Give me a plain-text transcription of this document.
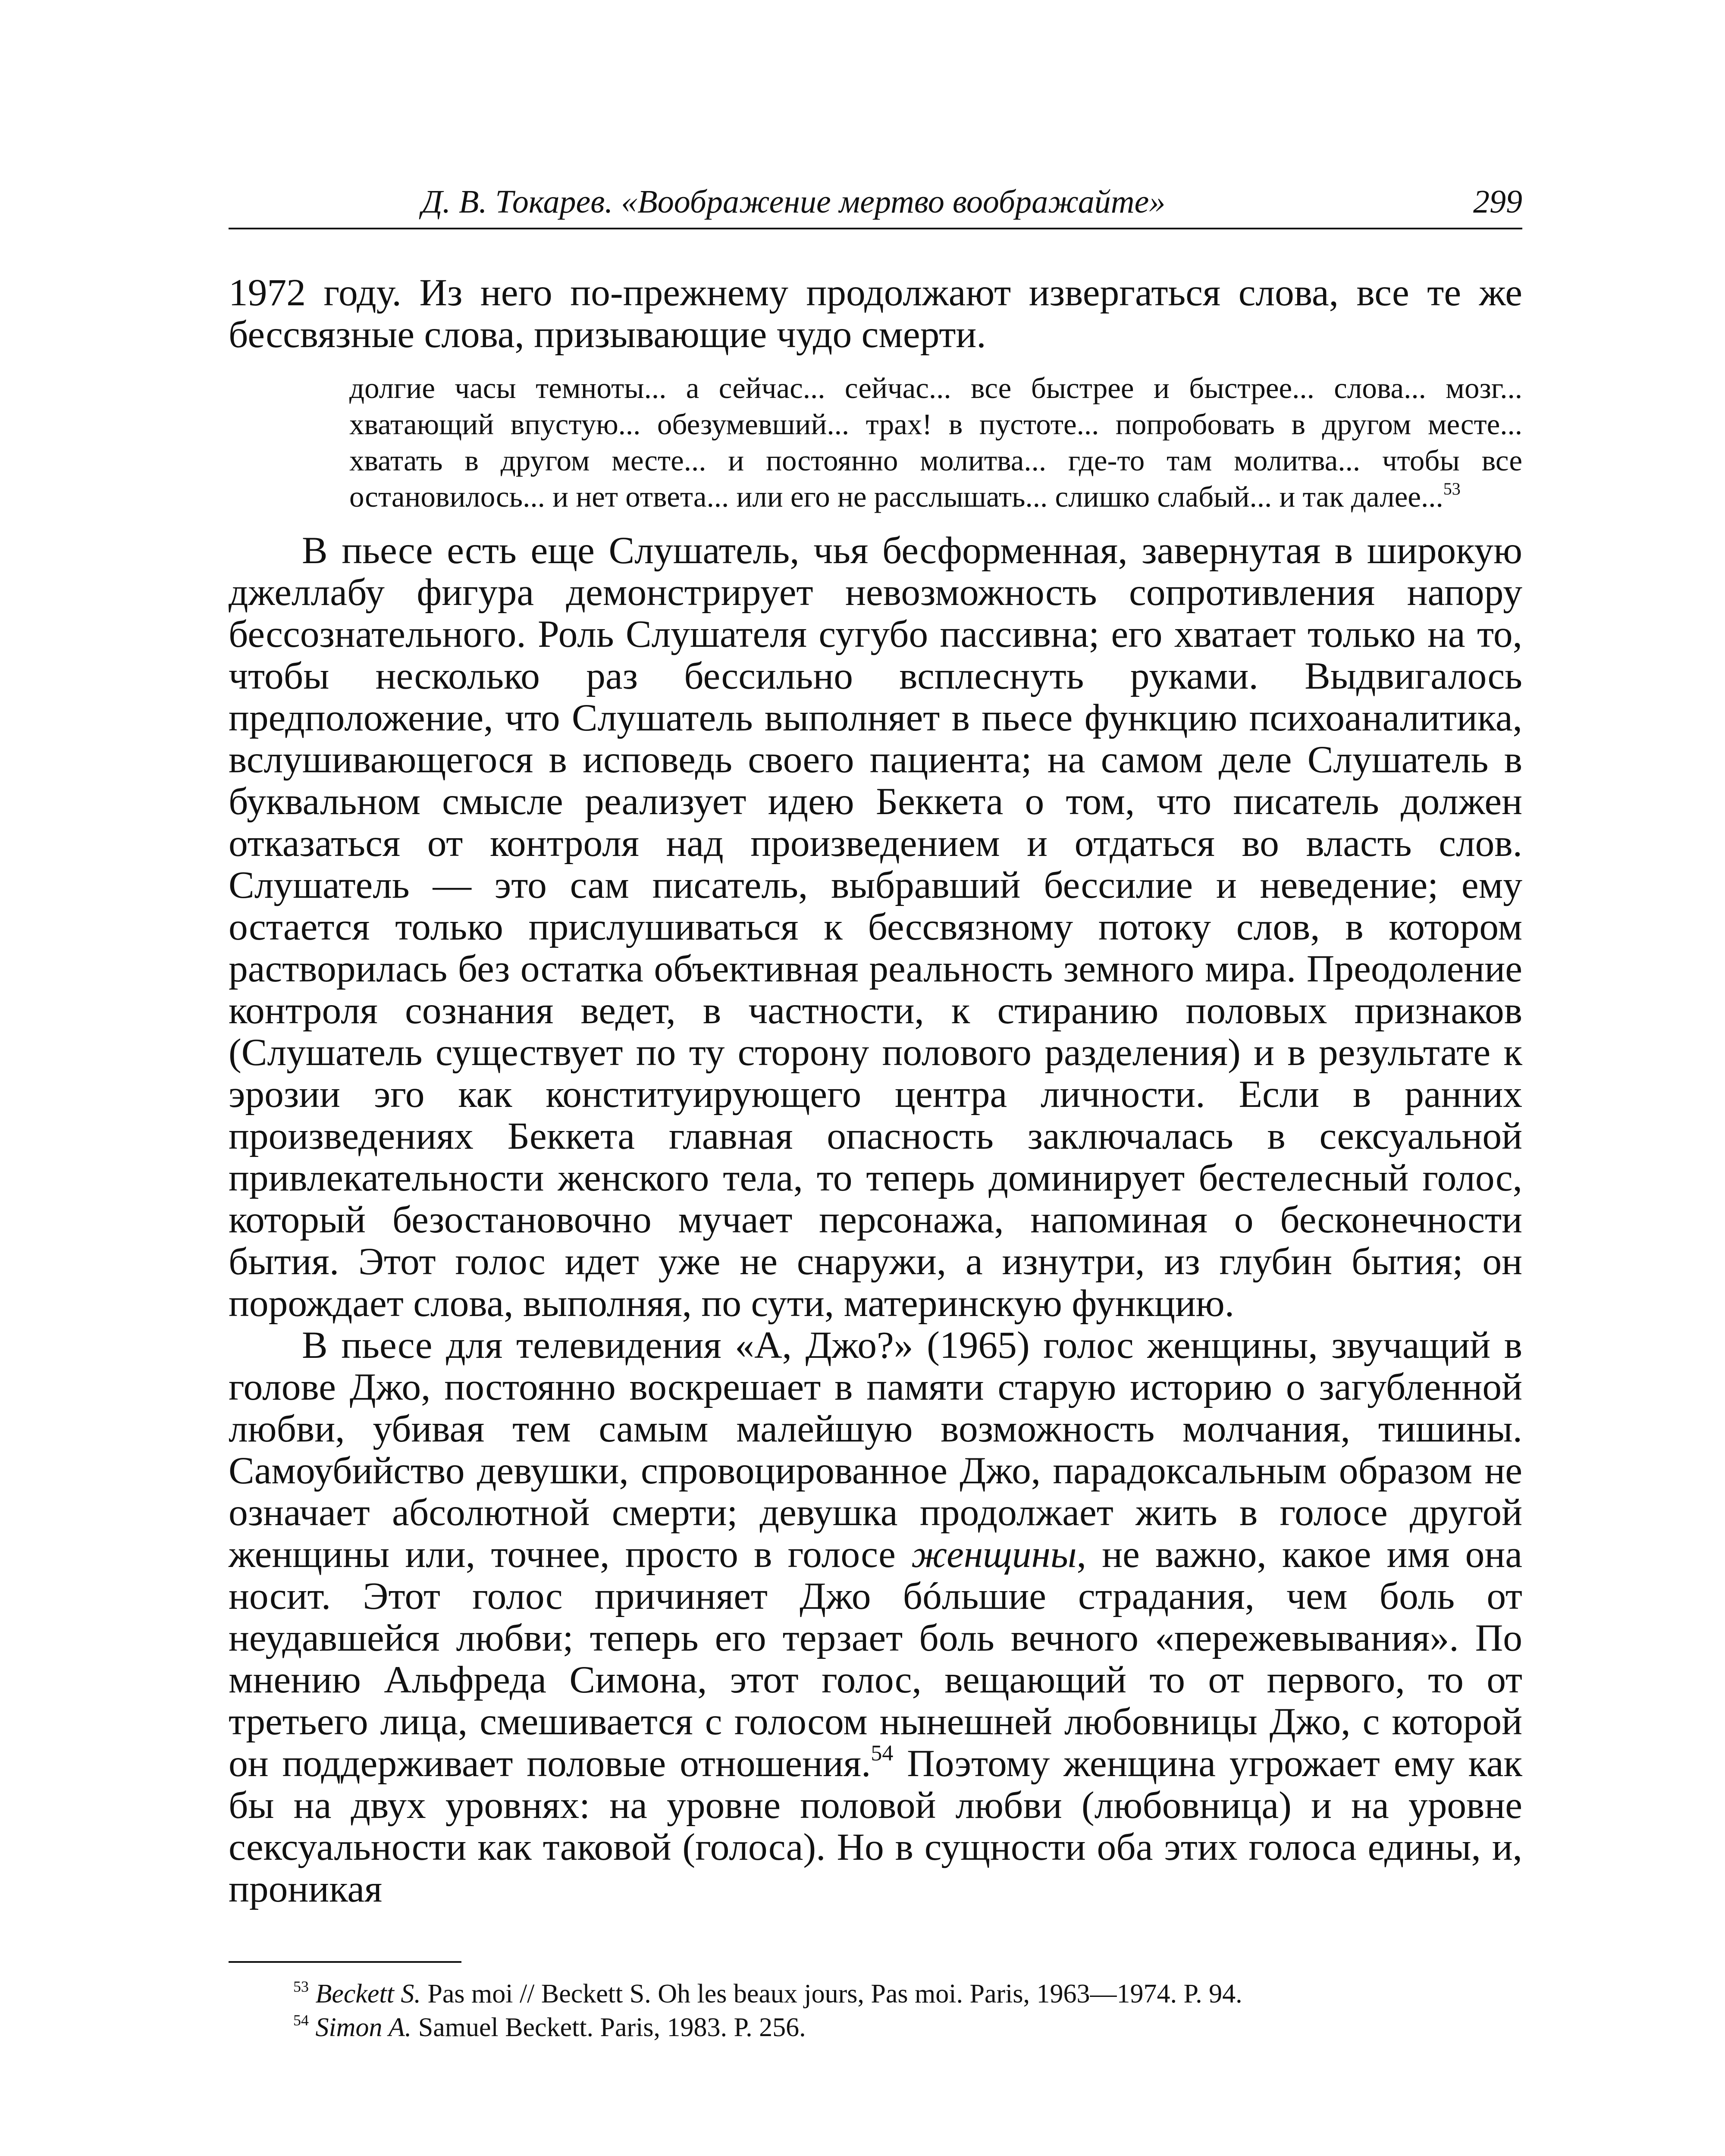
Д. В. Токарев. «Воображение мертво воображайте»	299

1972 году. Из него по-прежнему продолжают извергаться слова, все те же бессвязные слова, призывающие чудо смерти.

долгие часы темноты... а сейчас... сейчас... все быстрее и быстрее... слова... мозг... хватающий впустую... обезумевший... трах! в пустоте... попробовать в другом месте... хватать в другом месте... и постоянно молитва... где-то там молитва... чтобы все остановилось... и нет ответа... или его не расслышать... слишко слабый... и так далее...$^{53}$

В пьесе есть еще Слушатель, чья бесформенная, завернутая в широкую джеллабу фигура демонстрирует невозможность сопротивления напору бессознательного. Роль Слушателя сугубо пассивна; его хватает только на то, чтобы несколько раз бессильно всплеснуть руками. Выдвигалось предположение, что Слушатель выполняет в пьесе функцию психоаналитика, вслушивающегося в исповедь своего пациента; на самом деле Слушатель в буквальном смысле реализует идею Беккета о том, что писатель должен отказаться от контроля над произведением и отдаться во власть слов. Слушатель — это сам писатель, выбравший бессилие и неведение; ему остается только прислушиваться к бессвязному потоку слов, в котором растворилась без остатка объективная реальность земного мира. Преодоление контроля сознания ведет, в частности, к стиранию половых признаков (Слушатель существует по ту сторону полового разделения) и в результате к эрозии эго как конституирующего центра личности. Если в ранних произведениях Беккета главная опасность заключалась в сексуальной привлекательности женского тела, то теперь доминирует бестелесный голос, который безостановочно мучает персонажа, напоминая о бесконечности бытия. Этот голос идет уже не снаружи, а изнутри, из глубин бытия; он порождает слова, выполняя, по сути, материнскую функцию.

В пьесе для телевидения «А, Джо?» (1965) голос женщины, звучащий в голове Джо, постоянно воскрешает в памяти старую историю о загубленной любви, убивая тем самым малейшую возможность молчания, тишины. Самоубийство девушки, спровоцированное Джо, парадоксальным образом не означает абсолютной смерти; девушка продолжает жить в голосе другой женщины или, точнее, просто в голосе женщины, не важно, какое имя она носит. Этот голос причиняет Джо бóльшие страдания, чем боль от неудавшейся любви; теперь его терзает боль вечного «пережевывания». По мнению Альфреда Симона, этот голос, вещающий то от первого, то от третьего лица, смешивается с голосом нынешней любовницы Джо, с которой он поддерживает половые отношения.$^{54}$ Поэтому женщина угрожает ему как бы на двух уровнях: на уровне половой любви (любовница) и на уровне сексуальности как таковой (голоса). Но в сущности оба этих голоса едины, и, проникая

$^{53}$ Beckett S. Pas moi // Beckett S. Oh les beaux jours, Pas moi. Paris, 1963—1974. P. 94.

$^{54}$ Simon A. Samuel Beckett. Paris, 1983. P. 256.
